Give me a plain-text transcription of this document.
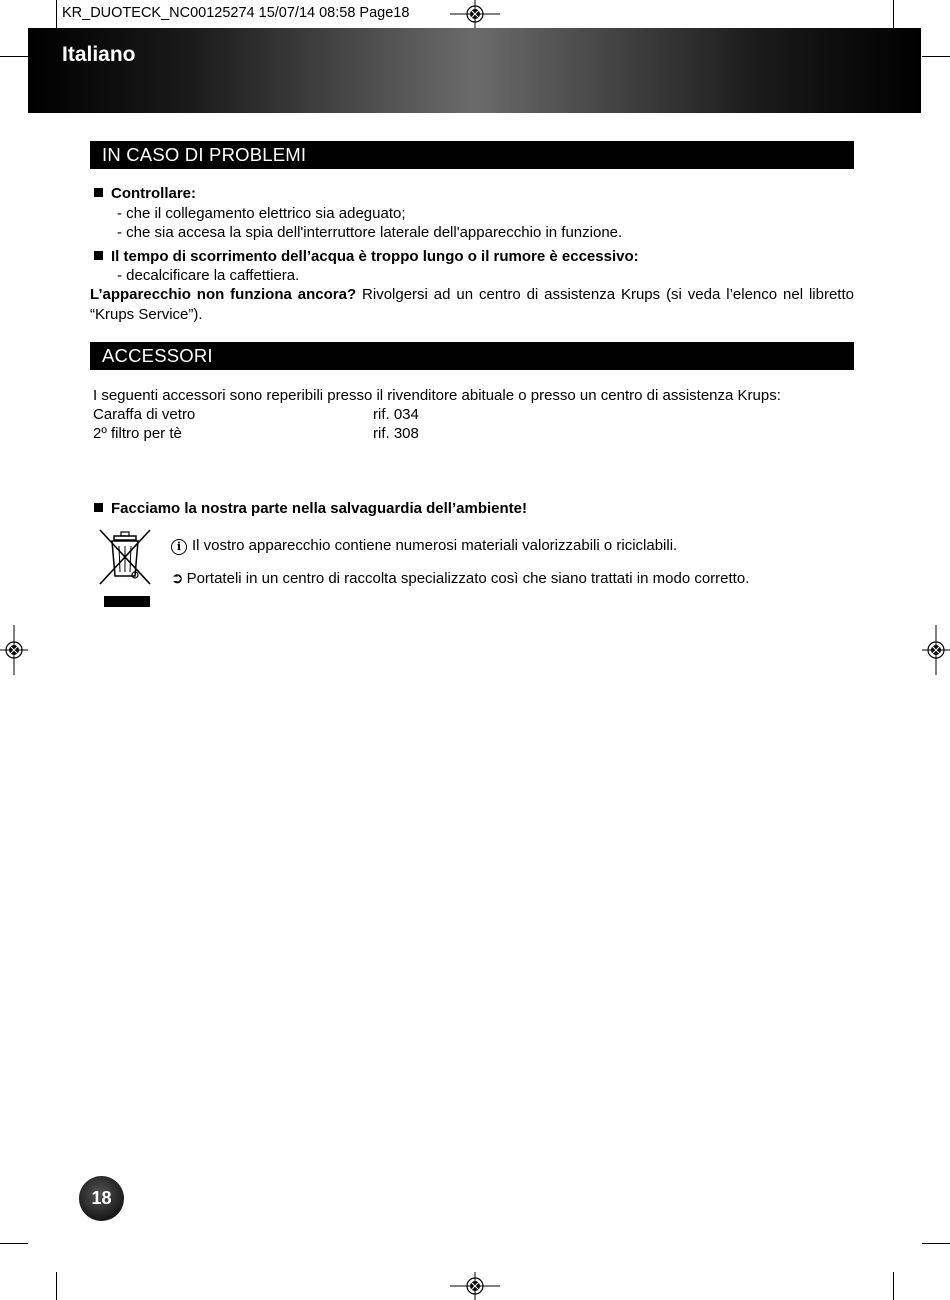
KR_DUOTECK_NC00125274 15/07/14 08:58 Page18
Italiano
IN CASO DI PROBLEMI
Controllare:
- che il collegamento elettrico sia adeguato;
- che sia accesa la spia dell'interruttore laterale dell'apparecchio in funzione.
Il tempo di scorrimento dell’acqua è troppo lungo o il rumore è eccessivo:
- decalcificare la caffettiera.
L’apparecchio non funziona ancora? Rivolgersi ad un centro di assistenza Krups (si veda l’elenco nel libretto “Krups Service”).
ACCESSORI
I seguenti accessori sono reperibili presso il rivenditore abituale o presso un centro di assistenza Krups:
Caraffa di vetro	rif. 034
2º filtro per tè	rif. 308
Facciamo la nostra parte nella salvaguardia dell’ambiente!
i Il vostro apparecchio contiene numerosi materiali valorizzabili o riciclabili.
➲ Portateli in un centro di raccolta specializzato così che siano trattati in modo corretto.
18
